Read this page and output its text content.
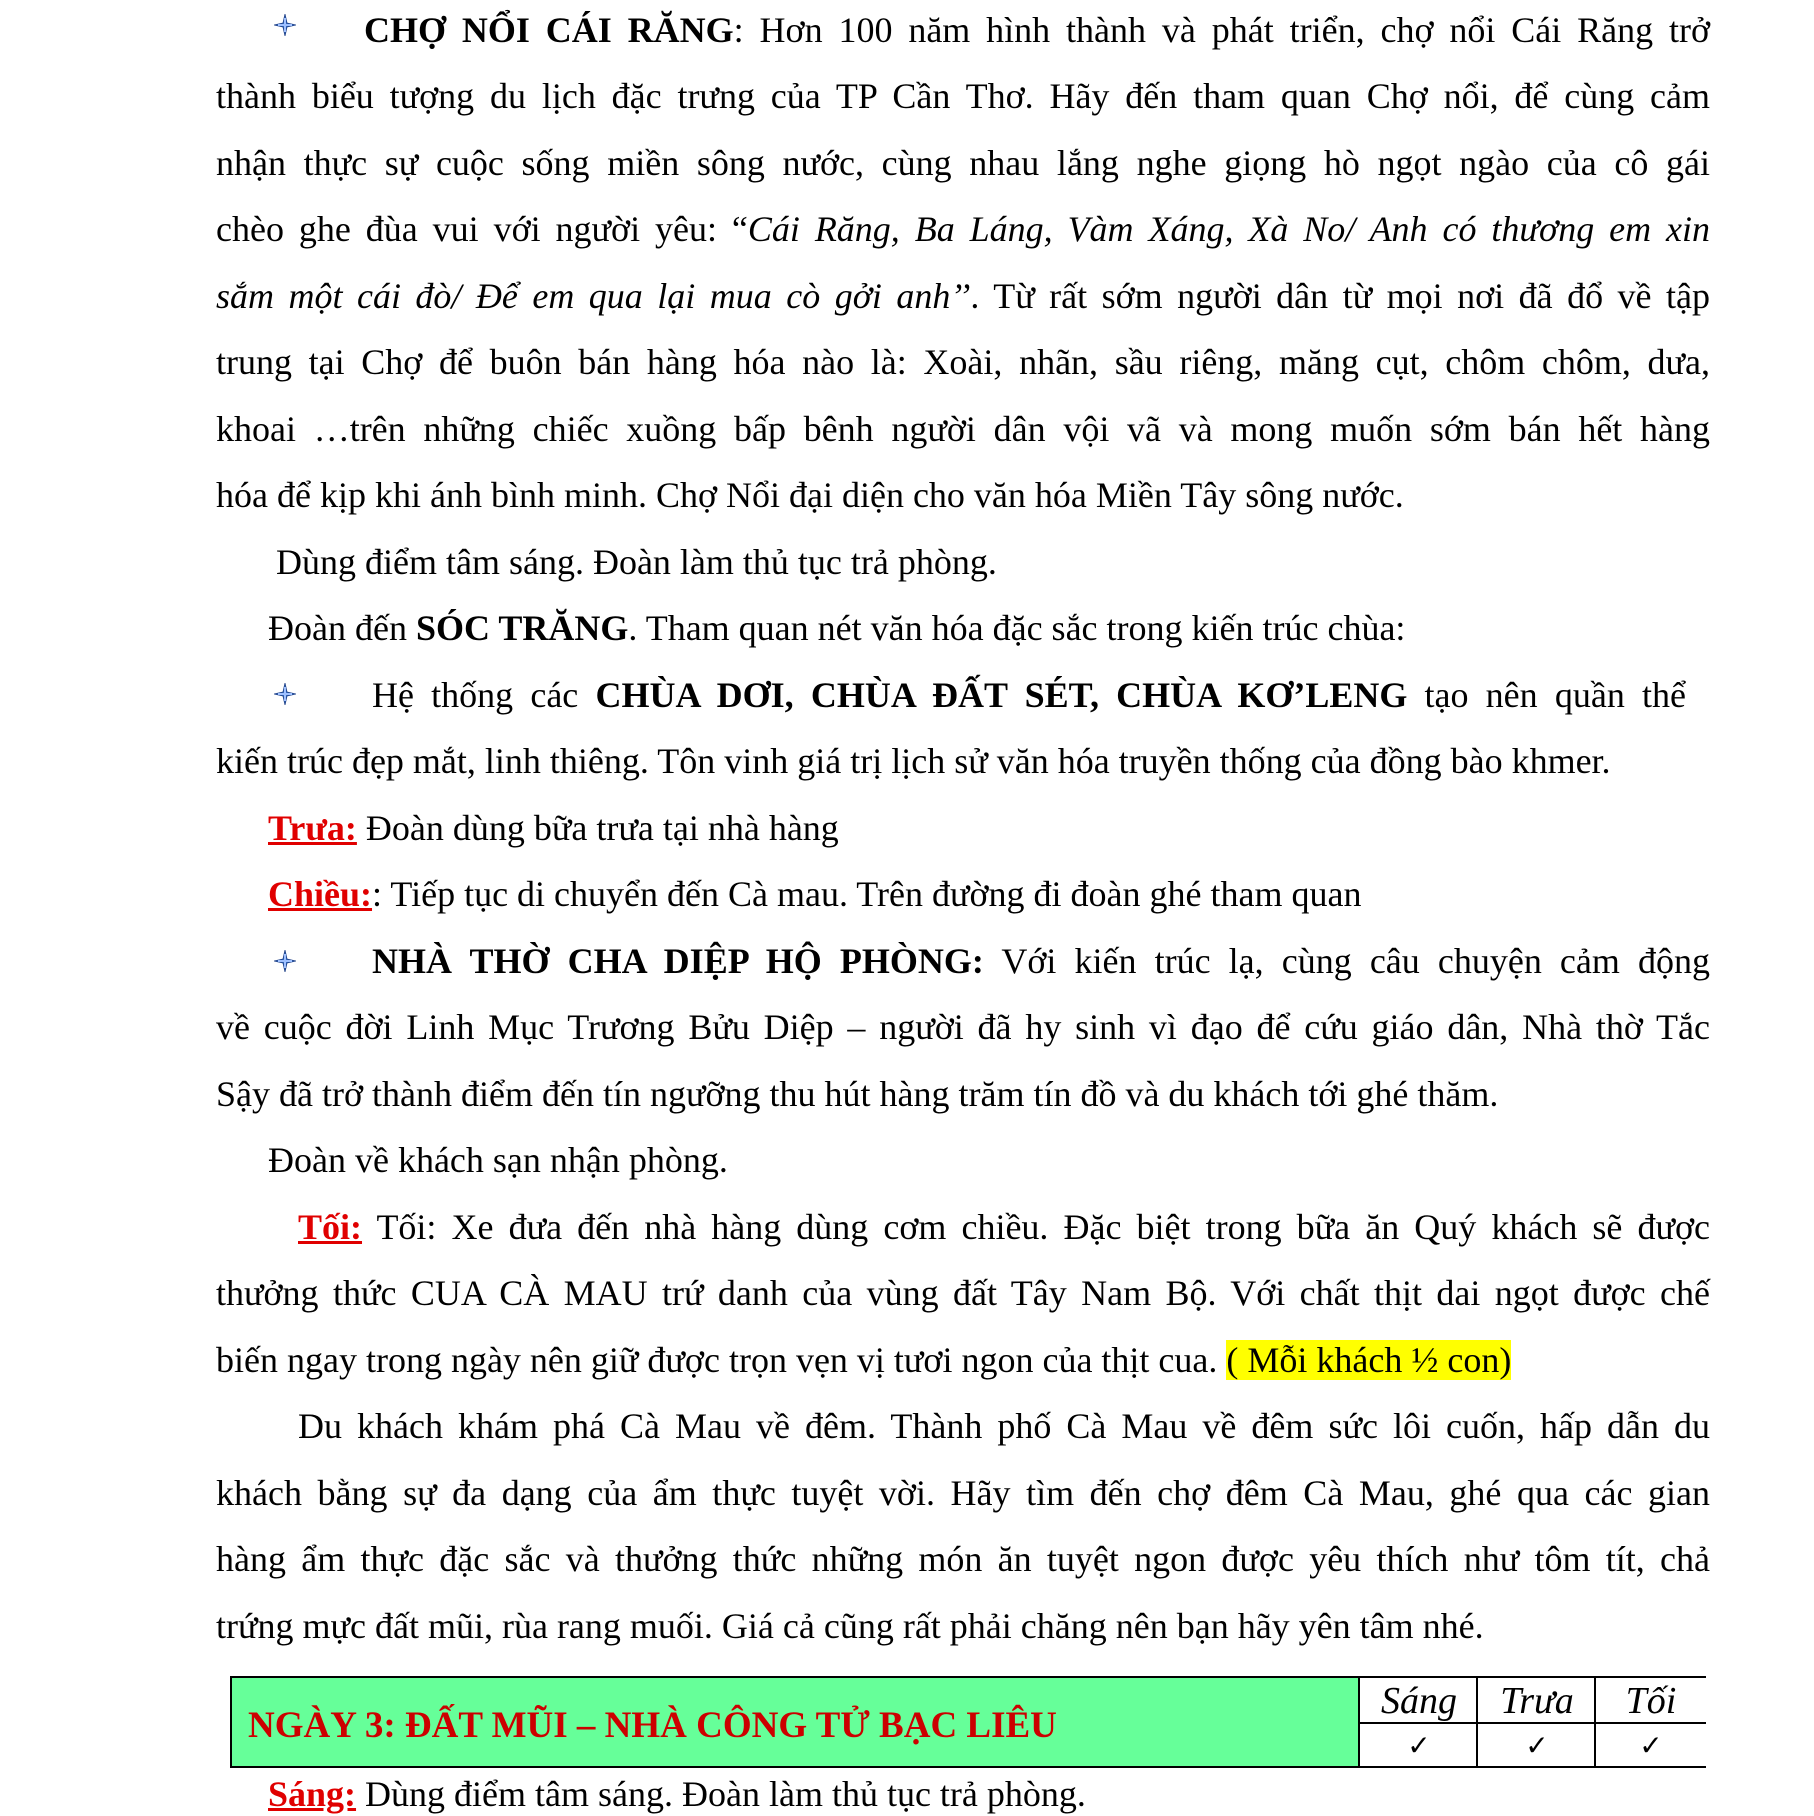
CHỢ NỔI CÁI RĂNG: Hơn 100 năm hình thành và phát triển, chợ nổi Cái Răng trở
thành biểu tượng du lịch đặc trưng của TP Cần Thơ. Hãy đến tham quan Chợ nổi, để cùng cảm
nhận thực sự cuộc sống miền sông nước, cùng nhau lắng nghe giọng hò ngọt ngào của cô gái
chèo ghe đùa vui với người yêu: “Cái Răng, Ba Láng, Vàm Xáng, Xà No/ Anh có thương em xin
sắm một cái đò/ Để em qua lại mua cò gởi anh’’. Từ rất sớm người dân từ mọi nơi đã đổ về tập
trung tại Chợ để buôn bán hàng hóa nào là: Xoài, nhãn, sầu riêng, măng cụt, chôm chôm, dưa,
khoai …trên những chiếc xuồng bấp bênh người dân vội vã và mong muốn sớm bán hết hàng
hóa để kịp khi ánh bình minh. Chợ Nổi đại diện cho văn hóa Miền Tây sông nước.
Dùng điểm tâm sáng. Đoàn làm thủ tục trả phòng.
Đoàn đến SÓC TRĂNG. Tham quan nét văn hóa đặc sắc trong kiến trúc chùa:
Hệ thống các CHÙA DƠI, CHÙA ĐẤT SÉT, CHÙA KƠ’LENG tạo nên quần thể
kiến trúc đẹp mắt, linh thiêng. Tôn vinh giá trị lịch sử văn hóa truyền thống của đồng bào khmer.
Trưa: Đoàn dùng bữa trưa tại nhà hàng
Chiều:: Tiếp tục di chuyển đến Cà mau. Trên đường đi đoàn ghé tham quan
NHÀ THỜ CHA DIỆP HỘ PHÒNG: Với kiến trúc lạ, cùng câu chuyện cảm động
về cuộc đời Linh Mục Trương Bửu Diệp – người đã hy sinh vì đạo để cứu giáo dân, Nhà thờ Tắc
Sậy đã trở thành điểm đến tín ngưỡng thu hút hàng trăm tín đồ và du khách tới ghé thăm.
Đoàn về khách sạn nhận phòng.
Tối: Tối: Xe đưa đến nhà hàng dùng cơm chiều. Đặc biệt trong bữa ăn Quý khách sẽ được
thưởng thức CUA CÀ MAU trứ danh của vùng đất Tây Nam Bộ. Với chất thịt dai ngọt được chế
biến ngay trong ngày nên giữ được trọn vẹn vị tươi ngon của thịt cua. ( Mỗi khách ½ con)
Du khách khám phá Cà Mau về đêm. Thành phố Cà Mau về đêm sức lôi cuốn, hấp dẫn du
khách bằng sự đa dạng của ẩm thực tuyệt vời. Hãy tìm đến chợ đêm Cà Mau, ghé qua các gian
hàng ẩm thực đặc sắc và thưởng thức những món ăn tuyệt ngon được yêu thích như tôm tít, chả
trứng mực đất mũi, rùa rang muối. Giá cả cũng rất phải chăng nên bạn hãy yên tâm nhé.
NGÀY 3: ĐẤT MŨI – NHÀ CÔNG TỬ BẠC LIÊU
Sáng
✓
Trưa
✓
Tối
✓
Sáng: Dùng điểm tâm sáng. Đoàn làm thủ tục trả phòng.
